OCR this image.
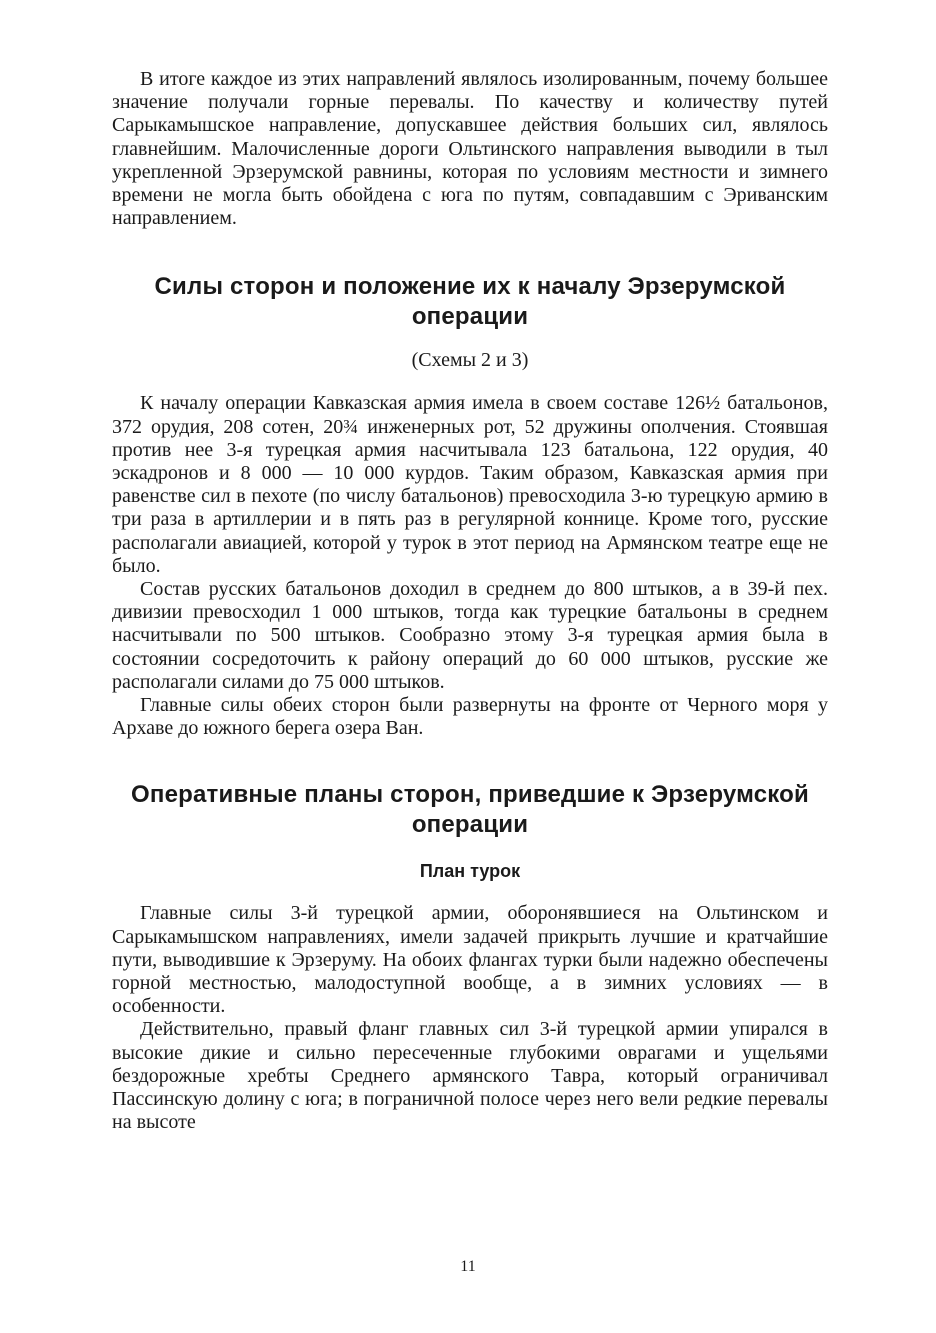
В итоге каждое из этих направлений являлось изолированным, почему большее значение получали горные перевалы. По качеству и количеству путей Сарыкамышское направление, допускавшее действия больших сил, являлось главнейшим. Малочисленные дороги Ольтинского направления выводили в тыл укрепленной Эрзерумской равнины, которая по условиям местности и зимнего времени не могла быть обойдена с юга по путям, совпадавшим с Эриванским направлением.

Силы сторон и положение их к началу Эрзерумской операции
(Схемы 2 и 3)

К началу операции Кавказская армия имела в своем составе 126½ батальонов, 372 орудия, 208 сотен, 20¾ инженерных рот, 52 дружины ополчения. Стоявшая против нее 3-я турецкая армия насчитывала 123 батальона, 122 орудия, 40 эскадронов и 8 000 — 10 000 курдов. Таким образом, Кавказская армия при равенстве сил в пехоте (по числу батальонов) превосходила 3-ю турецкую армию в три раза в артиллерии и в пять раз в регулярной коннице. Кроме того, русские располагали авиацией, которой у турок в этот период на Армянском театре еще не было.

Состав русских батальонов доходил в среднем до 800 штыков, а в 39-й пех. дивизии превосходил 1 000 штыков, тогда как турецкие батальоны в среднем насчитывали по 500 штыков. Сообразно этому 3-я турецкая армия была в состоянии сосредоточить к району операций до 60 000 штыков, русские же располагали силами до 75 000 штыков.

Главные силы обеих сторон были развернуты на фронте от Черного моря у Архаве до южного берега озера Ван.

Оперативные планы сторон, приведшие к Эрзерумской операции
План турок

Главные силы 3-й турецкой армии, оборонявшиеся на Ольтинском и Сарыкамышском направлениях, имели задачей прикрыть лучшие и кратчайшие пути, выводившие к Эрзеруму. На обоих флангах турки были надежно обеспечены горной местностью, малодоступной вообще, а в зимних условиях — в особенности.

Действительно, правый фланг главных сил 3-й турецкой армии упирался в высокие дикие и сильно пересеченные глубокими оврагами и ущельями бездорожные хребты Среднего армянского Тавра, который ограничивал Пассинскую долину с юга; в пограничной полосе через него вели редкие перевалы на высоте

11
